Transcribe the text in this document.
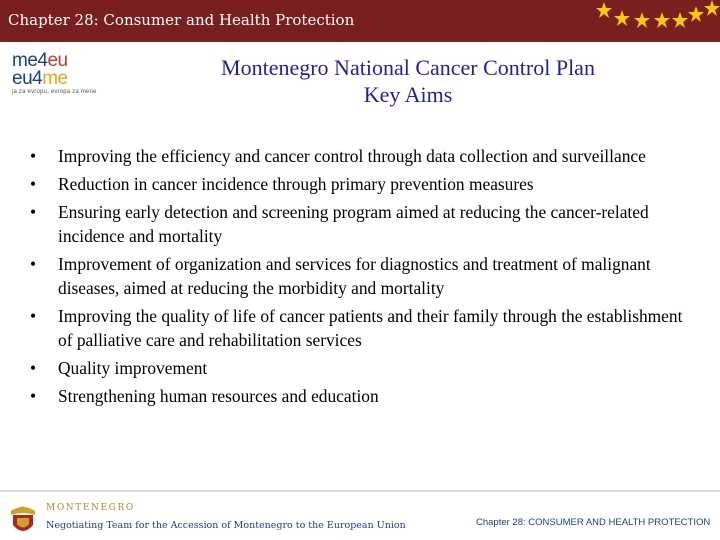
Chapter 28: Consumer and Health Protection
me4eu
eu4me
ja za evropu, evropa za mene
Montenegro National Cancer Control Plan
Key Aims
• Improving the efficiency and cancer control through data collection and surveillance
• Reduction in cancer incidence through primary prevention measures
• Ensuring early detection and screening program aimed at reducing the cancer-related incidence and mortality
• Improvement of organization and services for diagnostics and treatment of malignant diseases, aimed at reducing the morbidity and mortality
• Improving the quality of life of cancer patients and their family through the establishment of palliative care and rehabilitation services
• Quality improvement
• Strengthening human resources and education
MONTENEGRO
Negotiating Team for the Accession of Montenegro to the European Union	Chapter 28: CONSUMER AND HEALTH PROTECTION
